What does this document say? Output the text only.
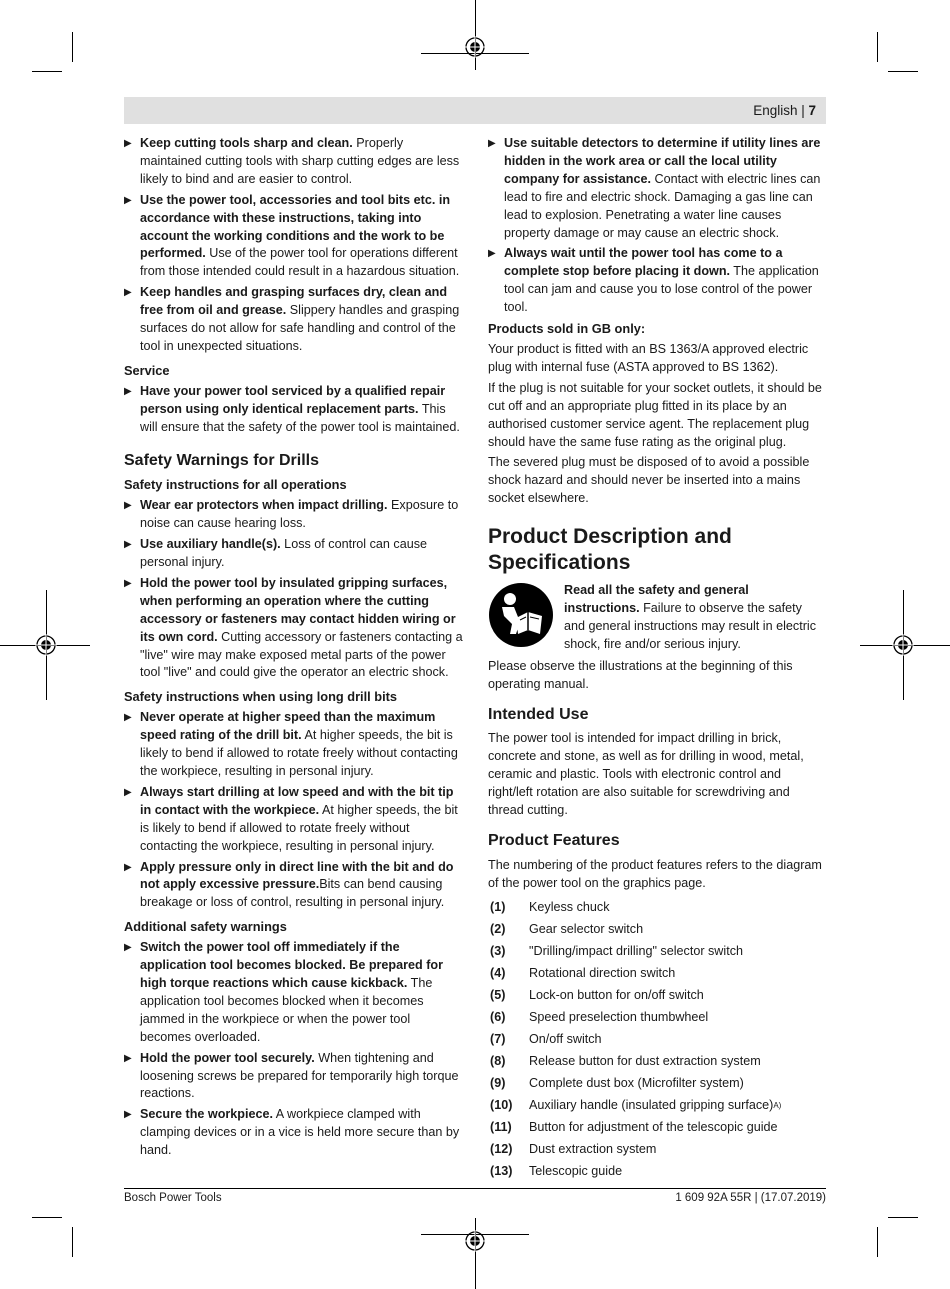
English | 7
▶ Keep cutting tools sharp and clean. Properly maintained cutting tools with sharp cutting edges are less likely to bind and are easier to control.
▶ Use the power tool, accessories and tool bits etc. in accordance with these instructions, taking into account the working conditions and the work to be performed. Use of the power tool for operations different from those intended could result in a hazardous situation.
▶ Keep handles and grasping surfaces dry, clean and free from oil and grease. Slippery handles and grasping surfaces do not allow for safe handling and control of the tool in unexpected situations.
Service
▶ Have your power tool serviced by a qualified repair person using only identical replacement parts. This will ensure that the safety of the power tool is maintained.
Safety Warnings for Drills
Safety instructions for all operations
▶ Wear ear protectors when impact drilling. Exposure to noise can cause hearing loss.
▶ Use auxiliary handle(s). Loss of control can cause personal injury.
▶ Hold the power tool by insulated gripping surfaces, when performing an operation where the cutting accessory or fasteners may contact hidden wiring or its own cord. Cutting accessory or fasteners contacting a "live" wire may make exposed metal parts of the power tool "live" and could give the operator an electric shock.
Safety instructions when using long drill bits
▶ Never operate at higher speed than the maximum speed rating of the drill bit. At higher speeds, the bit is likely to bend if allowed to rotate freely without contacting the workpiece, resulting in personal injury.
▶ Always start drilling at low speed and with the bit tip in contact with the workpiece. At higher speeds, the bit is likely to bend if allowed to rotate freely without contacting the workpiece, resulting in personal injury.
▶ Apply pressure only in direct line with the bit and do not apply excessive pressure.Bits can bend causing breakage or loss of control, resulting in personal injury.
Additional safety warnings
▶ Switch the power tool off immediately if the application tool becomes blocked. Be prepared for high torque reactions which cause kickback. The application tool becomes blocked when it becomes jammed in the workpiece or when the power tool becomes overloaded.
▶ Hold the power tool securely. When tightening and loosening screws be prepared for temporarily high torque reactions.
▶ Secure the workpiece. A workpiece clamped with clamping devices or in a vice is held more secure than by hand.
▶ Use suitable detectors to determine if utility lines are hidden in the work area or call the local utility company for assistance. Contact with electric lines can lead to fire and electric shock. Damaging a gas line can lead to explosion. Penetrating a water line causes property damage or may cause an electric shock.
▶ Always wait until the power tool has come to a complete stop before placing it down. The application tool can jam and cause you to lose control of the power tool.
Products sold in GB only:
Your product is fitted with an BS 1363/A approved electric plug with internal fuse (ASTA approved to BS 1362).
If the plug is not suitable for your socket outlets, it should be cut off and an appropriate plug fitted in its place by an authorised customer service agent. The replacement plug should have the same fuse rating as the original plug.
The severed plug must be disposed of to avoid a possible shock hazard and should never be inserted into a mains socket elsewhere.
Product Description and Specifications
Read all the safety and general instructions. Failure to observe the safety and general instructions may result in electric shock, fire and/or serious injury.
Please observe the illustrations at the beginning of this operating manual.
Intended Use
The power tool is intended for impact drilling in brick, concrete and stone, as well as for drilling in wood, metal, ceramic and plastic. Tools with electronic control and right/left rotation are also suitable for screwdriving and thread cutting.
Product Features
The numbering of the product features refers to the diagram of the power tool on the graphics page.
(1)	Keyless chuck
(2)	Gear selector switch
(3)	"Drilling/impact drilling" selector switch
(4)	Rotational direction switch
(5)	Lock-on button for on/off switch
(6)	Speed preselection thumbwheel
(7)	On/off switch
(8)	Release button for dust extraction system
(9)	Complete dust box (Microfilter system)
(10)	Auxiliary handle (insulated gripping surface) A)
(11)	Button for adjustment of the telescopic guide
(12)	Dust extraction system
(13)	Telescopic guide
Bosch Power Tools	1 609 92A 55R | (17.07.2019)
